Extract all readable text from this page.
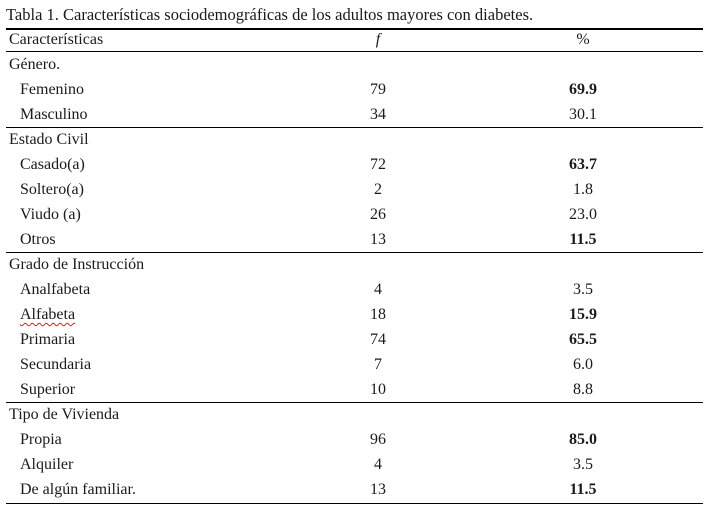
Tabla 1. Características sociodemográficas de los adultos mayores con diabetes.
Características	f	%
Género.
Femenino	79	69.9
Masculino	34	30.1
Estado Civil
Casado(a)	72	63.7
Soltero(a)	2	1.8
Viudo (a)	26	23.0
Otros	13	11.5
Grado de Instrucción
Analfabeta	4	3.5
Alfabeta	18	15.9
Primaria	74	65.5
Secundaria	7	6.0
Superior	10	8.8
Tipo de Vivienda
Propia	96	85.0
Alquiler	4	3.5
De algún familiar.	13	11.5
